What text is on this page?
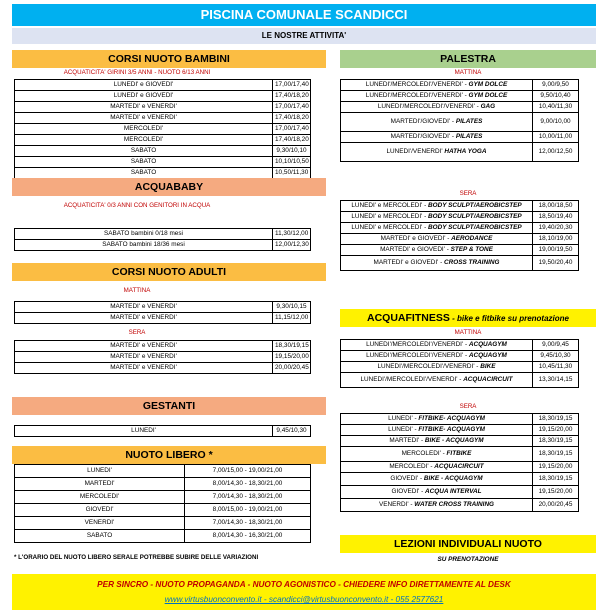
PISCINA COMUNALE SCANDICCI
LE NOSTRE ATTIVITA'
CORSI NUOTO BAMBINI
ACQUATICITA' GIRINI 3/5 ANNI - NUOTO 6/13 ANNI
LUNEDI' e GIOVEDI'	17,00/17,40
LUNEDI' e GIOVEDI'	17,40/18,20
MARTEDI' e VENERDI'	17,00/17,40
MARTEDI' e VENERDI'	17,40/18,20
MERCOLEDI'	17,00/17,40
MERCOLEDI'	17,40/18,20
SABATO	9,30/10,10
SABATO	10,10/10,50
SABATO	10,50/11,30
ACQUABABY
ACQUATICITA' 0/3 ANNI CON GENITORI IN ACQUA
SABATO bambini 0/18 mesi	11,30/12,00
SABATO bambini 18/36 mesi	12,00/12,30
CORSI NUOTO ADULTI
MATTINA
MARTEDI' e VENERDI'	9,30/10,15
MARTEDI' e VENERDI'	11,15/12,00
SERA
MARTEDI' e VENERDI'	18,30/19,15
MARTEDI' e VENERDI'	19,15/20,00
MARTEDI' e VENERDI'	20,00/20,45
GESTANTI
LUNEDI'	9,45/10,30
NUOTO LIBERO *
LUNEDI'	7,00/15,00 - 19,00/21,00
MARTEDI'	8,00/14,30 - 18,30/21,00
MERCOLEDI'	7,00/14,30 - 18,30/21,00
GIOVEDI'	8,00/15,00 - 19,00/21,00
VENERDI'	7,00/14,30 - 18,30/21,00
SABATO	8,00/14,30 - 16,30/21,00
* L'ORARIO DEL NUOTO LIBERO SERALE POTREBBE SUBIRE DELLE VARIAZIONI
PALESTRA
MATTINA
LUNEDI'/MERCOLEDI'/VENERDI' - GYM DOLCE	9,00/9,50
LUNEDI'/MERCOLEDI'/VENERDI' - GYM DOLCE	9,50/10,40
LUNEDI'/MERCOLEDI'/VENERDI' - GAG	10,40/11,30
MARTEDI'/GIOVEDI' - PILATES	9,00/10,00
MARTEDI'/GIOVEDI' - PILATES	10,00/11,00
LUNEDI'/VENERDI' HATHA YOGA	12,00/12,50
SERA
LUNEDI' e MERCOLEDI' - BODY SCULPT/AEROBICSTEP	18,00/18,50
LUNEDI' e MERCOLEDI' - BODY SCULPT/AEROBICSTEP	18,50/19,40
LUNEDI' e MERCOLEDI' - BODY SCULPT/AEROBICSTEP	19,40/20,30
MARTEDI' e GIOVEDI' - AERODANCE	18,10/19,00
MARTEDI' e GIOVEDI' - STEP & TONE	19,00/19,50
MARTEDI' e GIOVEDI' - CROSS TRAINING	19,50/20,40
ACQUAFITNESS - bike e fitbike su prenotazione
MATTINA
LUNEDI'/MERCOLEDI'/VENERDI' - ACQUAGYM	9,00/9,45
LUNEDI'/MERCOLEDI'/VENERDI' - ACQUAGYM	9,45/10,30
LUNEDI'/MERCOLEDI'/VENERDI' - BIKE	10,45/11,30
LUNEDI'/MERCOLEDI'/VENERDI' - ACQUACIRCUIT	13,30/14,15
SERA
LUNEDI' - FITBIKE- ACQUAGYM	18,30/19,15
LUNEDI' - FITBIKE- ACQUAGYM	19,15/20,00
MARTEDI' - BIKE - ACQUAGYM	18,30/19,15
MERCOLEDI' - FITBIKE	18,30/19,15
MERCOLEDI' - ACQUACIRCUIT	19,15/20,00
GIOVEDI' - BIKE - ACQUAGYM	18,30/19,15
GIOVEDI' - ACQUA INTERVAL	19,15/20,00
VENERDI' - WATER CROSS TRAINING	20,00/20,45
LEZIONI INDIVIDUALI NUOTO
SU PRENOTAZIONE
PER SINCRO - NUOTO PROPAGANDA - NUOTO AGONISTICO - CHIEDERE INFO DIRETTAMENTE AL DESK
www.virtusbuonconvento.it - scandicci@virtusbuonconvento.it - 055 2577621
